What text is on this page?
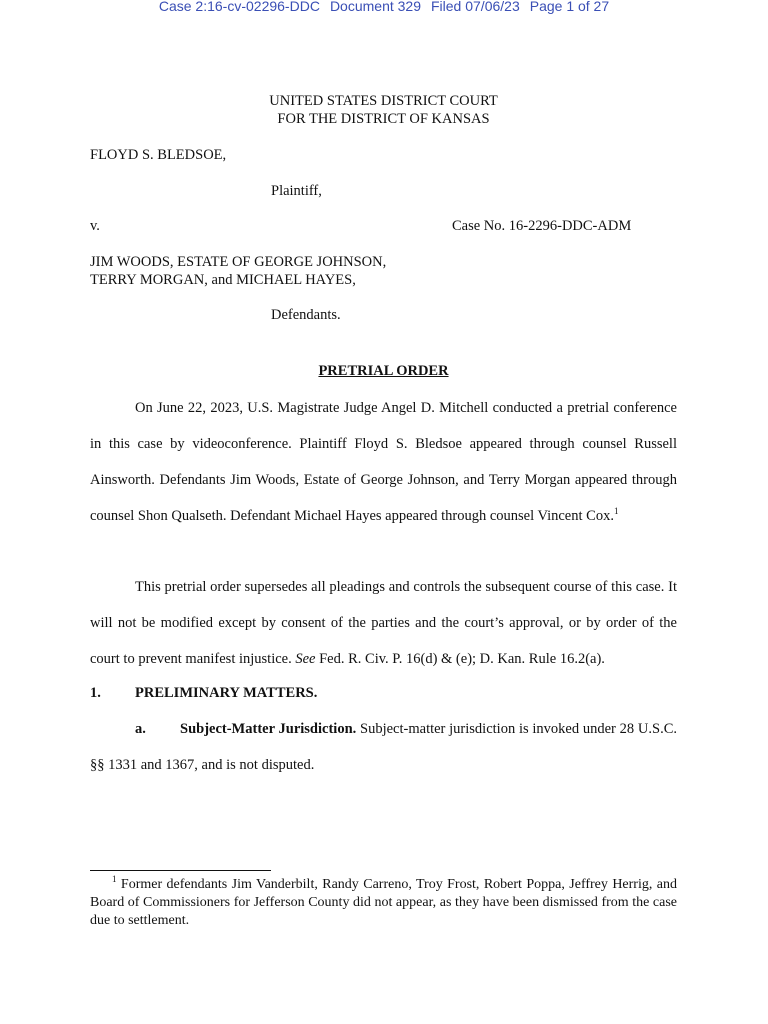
Case 2:16-cv-02296-DDC Document 329 Filed 07/06/23 Page 1 of 27
UNITED STATES DISTRICT COURT
FOR THE DISTRICT OF KANSAS
FLOYD S. BLEDSOE,
Plaintiff,
v.	Case No. 16-2296-DDC-ADM
JIM WOODS, ESTATE OF GEORGE JOHNSON,
TERRY MORGAN, and MICHAEL HAYES,
Defendants.
PRETRIAL ORDER

On June 22, 2023, U.S. Magistrate Judge Angel D. Mitchell conducted a pretrial conference in this case by videoconference. Plaintiff Floyd S. Bledsoe appeared through counsel Russell Ainsworth. Defendants Jim Woods, Estate of George Johnson, and Terry Morgan appeared through counsel Shon Qualseth. Defendant Michael Hayes appeared through counsel Vincent Cox.$^1$

This pretrial order supersedes all pleadings and controls the subsequent course of this case. It will not be modified except by consent of the parties and the court’s approval, or by order of the court to prevent manifest injustice. See Fed. R. Civ. P. 16(d) & (e); D. Kan. Rule 16.2(a).

1. PRELIMINARY MATTERS.

a. Subject-Matter Jurisdiction. Subject-matter jurisdiction is invoked under 28 U.S.C. §§ 1331 and 1367, and is not disputed.

$^1$ Former defendants Jim Vanderbilt, Randy Carreno, Troy Frost, Robert Poppa, Jeffrey Herrig, and Board of Commissioners for Jefferson County did not appear, as they have been dismissed from the case due to settlement.
